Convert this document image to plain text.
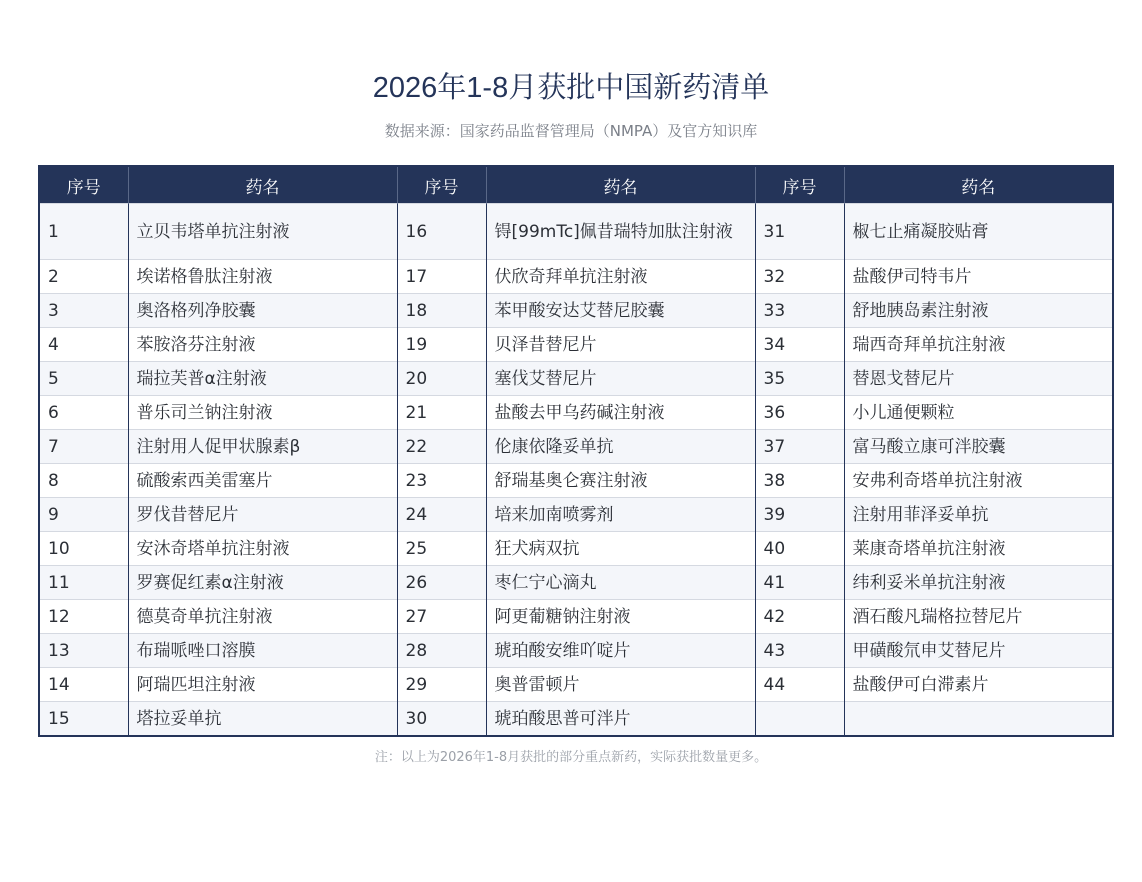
2026年1-8月获批中国新药清单
数据来源：国家药品监督管理局（NMPA）及官方知识库
序号	药名	序号	药名	序号	药名
1	立贝韦塔单抗注射液	16	锝[99mTc]佩昔瑞特加肽注射液	31	椒七止痛凝胶贴膏
2	埃诺格鲁肽注射液	17	伏欣奇拜单抗注射液	32	盐酸伊司特韦片
3	奥洛格列净胶囊	18	苯甲酸安达艾替尼胶囊	33	舒地胰岛素注射液
4	苯胺洛芬注射液	19	贝泽昔替尼片	34	瑞西奇拜单抗注射液
5	瑞拉芙普α注射液	20	塞伐艾替尼片	35	替恩戈替尼片
6	普乐司兰钠注射液	21	盐酸去甲乌药碱注射液	36	小儿通便颗粒
7	注射用人促甲状腺素β	22	伦康依隆妥单抗	37	富马酸立康可泮胶囊
8	硫酸索西美雷塞片	23	舒瑞基奥仑赛注射液	38	安弗利奇塔单抗注射液
9	罗伐昔替尼片	24	培来加南喷雾剂	39	注射用菲泽妥单抗
10	安沐奇塔单抗注射液	25	狂犬病双抗	40	莱康奇塔单抗注射液
11	罗赛促红素α注射液	26	枣仁宁心滴丸	41	纬利妥米单抗注射液
12	德莫奇单抗注射液	27	阿更葡糖钠注射液	42	酒石酸凡瑞格拉替尼片
13	布瑞哌唑口溶膜	28	琥珀酸安维吖啶片	43	甲磺酸氘申艾替尼片
14	阿瑞匹坦注射液	29	奥普雷顿片	44	盐酸伊可白滞素片
15	塔拉妥单抗	30	琥珀酸思普可泮片		
注：以上为2026年1-8月获批的部分重点新药，实际获批数量更多。
